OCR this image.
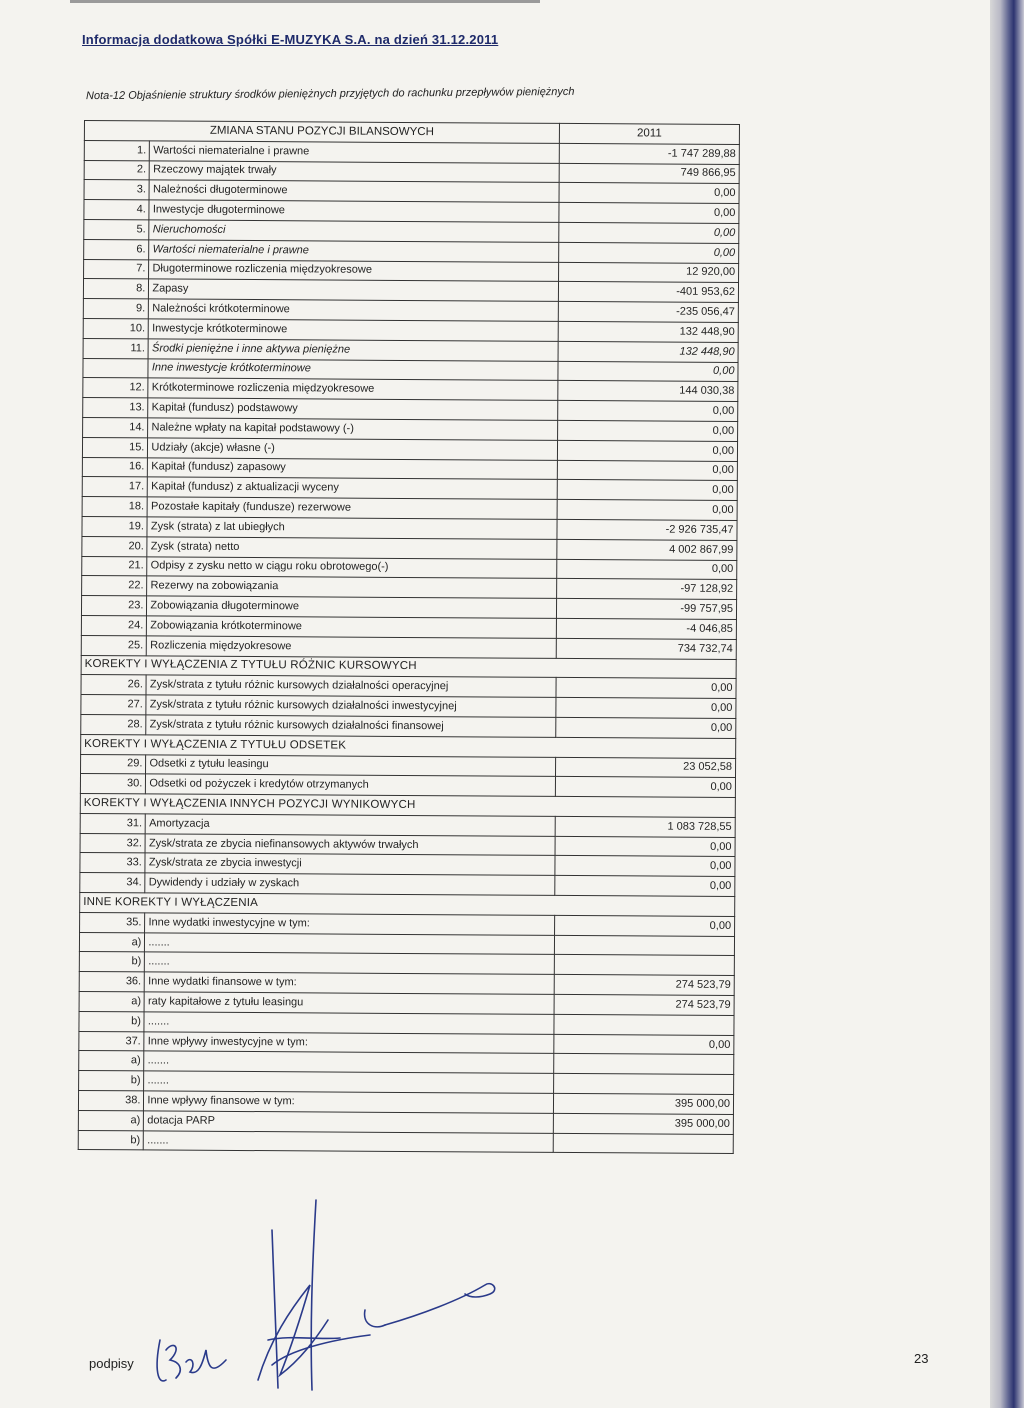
Informacja dodatkowa Spółki E-MUZYKA S.A. na dzień 31.12.2011
Nota-12 Objaśnienie struktury środków pieniężnych przyjętych do rachunku przepływów pieniężnych
ZMIANA STANU POZYCJI BILANSOWYCH		2011
1.	Wartości niematerialne i prawne	-1 747 289,88
2.	Rzeczowy majątek trwały	749 866,95
3.	Należności długoterminowe	0,00
4.	Inwestycje długoterminowe	0,00
5.	Nieruchomości	0,00
6.	Wartości niematerialne i prawne	0,00
7.	Długoterminowe rozliczenia międzyokresowe	12 920,00
8.	Zapasy	-401 953,62
9.	Należności krótkoterminowe	-235 056,47
10.	Inwestycje krótkoterminowe	132 448,90
11.	Środki pieniężne i inne aktywa pieniężne	132 448,90
	Inne inwestycje krótkoterminowe	0,00
12.	Krótkoterminowe rozliczenia międzyokresowe	144 030,38
13.	Kapitał (fundusz) podstawowy	0,00
14.	Należne wpłaty na kapitał podstawowy (-)	0,00
15.	Udziały (akcje) własne (-)	0,00
16.	Kapitał (fundusz) zapasowy	0,00
17.	Kapitał (fundusz) z aktualizacji wyceny	0,00
18.	Pozostałe kapitały (fundusze) rezerwowe	0,00
19.	Zysk (strata) z lat ubiegłych	-2 926 735,47
20.	Zysk (strata) netto	4 002 867,99
21.	Odpisy z zysku netto w ciągu roku obrotowego(-)	0,00
22.	Rezerwy na zobowiązania	-97 128,92
23.	Zobowiązania długoterminowe	-99 757,95
24.	Zobowiązania krótkoterminowe	-4 046,85
25.	Rozliczenia międzyokresowe	734 732,74
KOREKTY I WYŁĄCZENIA Z TYTUŁU RÓŻNIC KURSOWYCH		
26.	Zysk/strata z tytułu różnic kursowych działalności operacyjnej	0,00
27.	Zysk/strata z tytułu różnic kursowych działalności inwestycyjnej	0,00
28.	Zysk/strata z tytułu różnic kursowych działalności finansowej	0,00
KOREKTY I WYŁĄCZENIA Z TYTUŁU ODSETEK		
29.	Odsetki z tytułu leasingu	23 052,58
30.	Odsetki od pożyczek i kredytów otrzymanych	0,00
KOREKTY I WYŁĄCZENIA INNYCH POZYCJI WYNIKOWYCH		
31.	Amortyzacja	1 083 728,55
32.	Zysk/strata ze zbycia niefinansowych aktywów trwałych	0,00
33.	Zysk/strata ze zbycia inwestycji	0,00
34.	Dywidendy i udziały w zyskach	0,00
INNE KOREKTY I WYŁĄCZENIA		
35.	Inne wydatki inwestycyjne w tym:	0,00
a)	.......	
b)	.......	
36.	Inne wydatki finansowe w tym:	274 523,79
a)	raty kapitałowe z tytułu leasingu	274 523,79
b)	.......	
37.	Inne wpływy inwestycyjne w tym:	0,00
a)	.......	
b)	.......	
38.	Inne wpływy finansowe w tym:	395 000,00
a)	dotacja PARP	395 000,00
b)	.......	
podpisy	23
